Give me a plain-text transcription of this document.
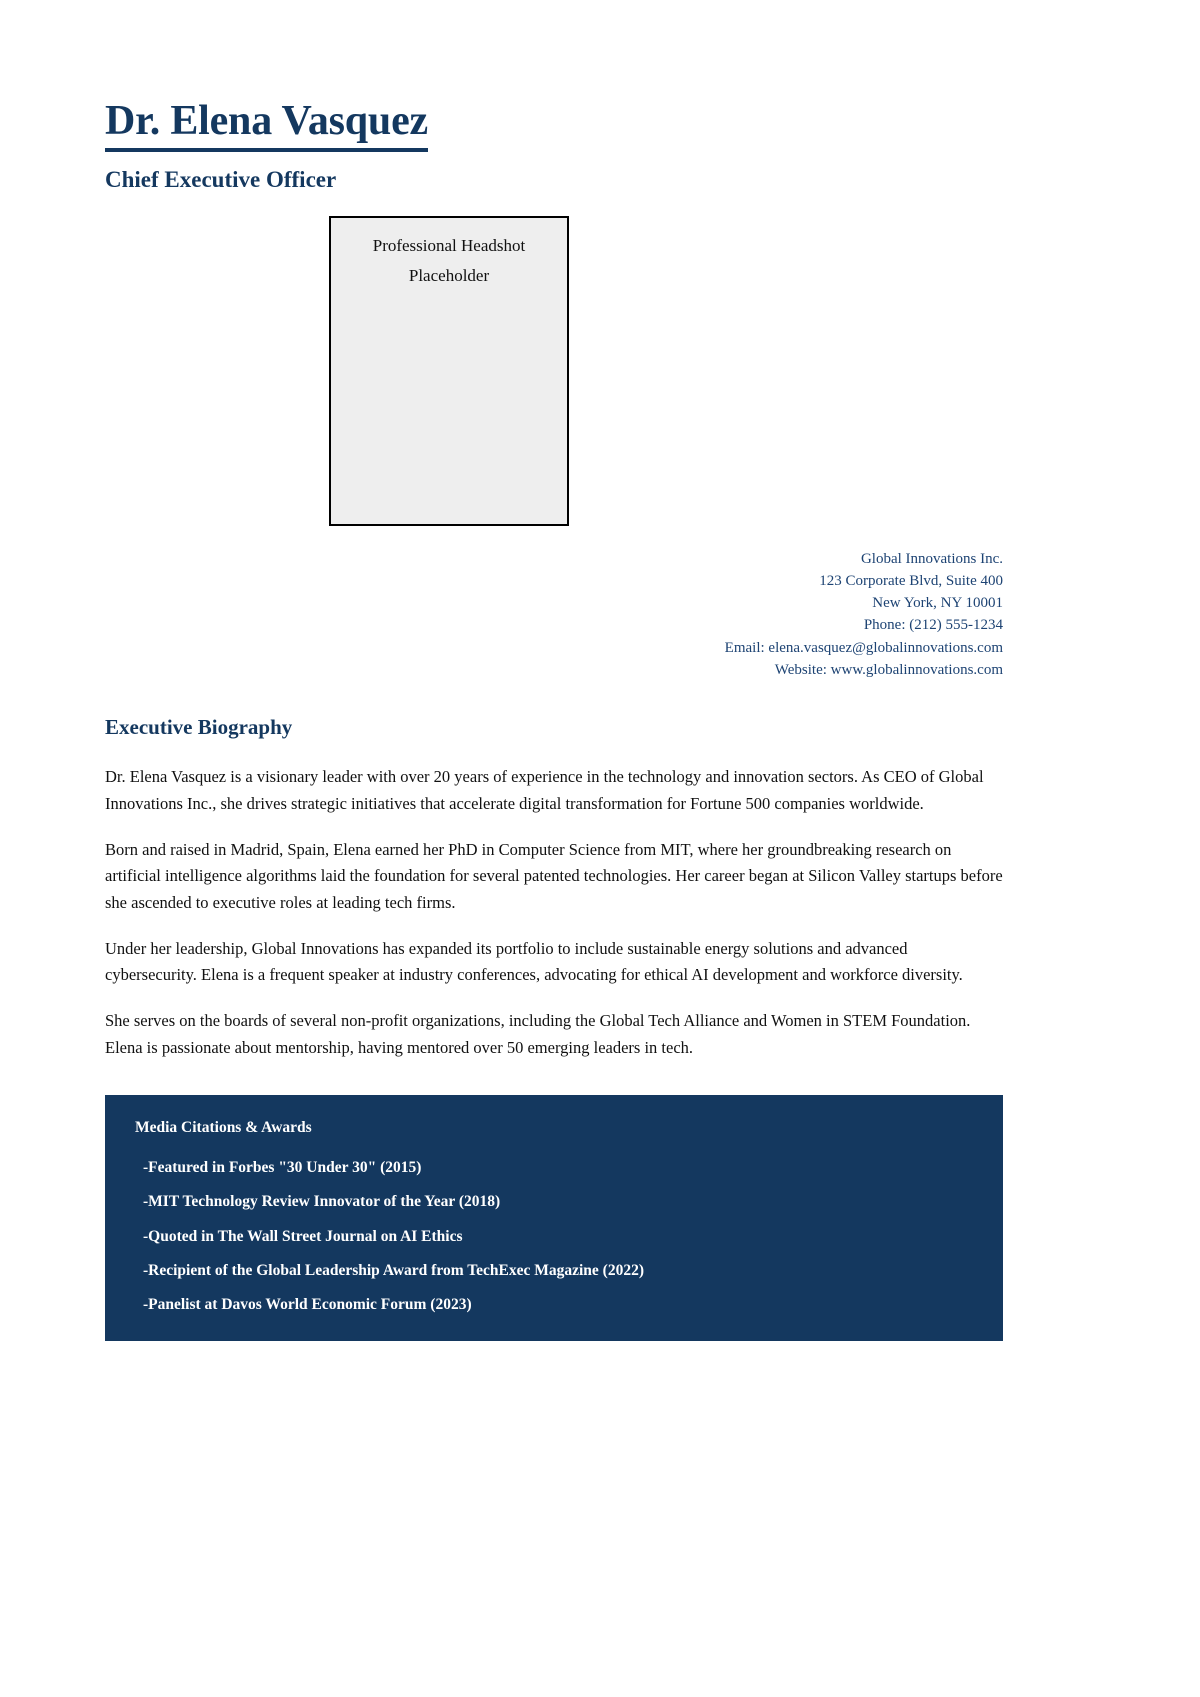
Dr. Elena Vasquez
Chief Executive Officer
Professional Headshot
Placeholder
Global Innovations Inc.
123 Corporate Blvd, Suite 400
New York, NY 10001
Phone: (212) 555-1234
Email: elena.vasquez@globalinnovations.com
Website: www.globalinnovations.com
Executive Biography

Dr. Elena Vasquez is a visionary leader with over 20 years of experience in the technology and innovation sectors. As CEO of Global Innovations Inc., she drives strategic initiatives that accelerate digital transformation for Fortune 500 companies worldwide.

Born and raised in Madrid, Spain, Elena earned her PhD in Computer Science from MIT, where her groundbreaking research on artificial intelligence algorithms laid the foundation for several patented technologies. Her career began at Silicon Valley startups before she ascended to executive roles at leading tech firms.

Under her leadership, Global Innovations has expanded its portfolio to include sustainable energy solutions and advanced cybersecurity. Elena is a frequent speaker at industry conferences, advocating for ethical AI development and workforce diversity.

She serves on the boards of several non-profit organizations, including the Global Tech Alliance and Women in STEM Foundation. Elena is passionate about mentorship, having mentored over 50 emerging leaders in tech.

Media Citations & Awards
-Featured in Forbes "30 Under 30" (2015)
-MIT Technology Review Innovator of the Year (2018)
-Quoted in The Wall Street Journal on AI Ethics
-Recipient of the Global Leadership Award from TechExec Magazine (2022)
-Panelist at Davos World Economic Forum (2023)
